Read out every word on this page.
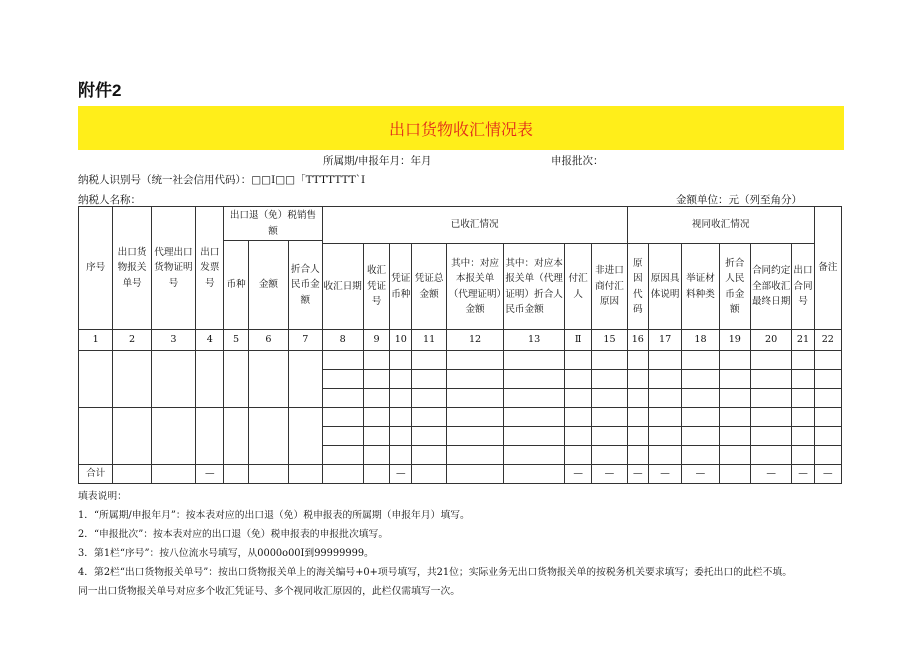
附件2
出口货物收汇情况表
所属期/申报年月：年月	申报批次：
纳税人识别号（统一社会信用代码）：□□I□□「TTTTTTT`I
纳税人名称：	金额单位：元（列至角分）
序号	出口货物报关单号	代理出口货物证明号	出口发票号	出口退（免）税销售额			已收汇情况								视同收汇情况						备注
				币种	金额	折合人民币金额															
							收汇日期	收汇凭证号	凭证币种	凭证总金额	其中：对应本报关单（代理证明）金额	其中：对应本报关单（代理证明）折合人民币金额	付汇人	非进口商付汇原因	原因代码	原因具体说明	举证材料种类	折合人民币金额	合同约定全部收汇最终日期	出口合同号	
1	2	3	4	5	6	7	8	9	10	11	12	13	Ⅱ	15	16	17	18	19	20	21	22

合计			—						—				—	—	—	—	—		—	—	—
填表说明：
1．“所属期/申报年月”：按本表对应的出口退（免）税申报表的所属期（申报年月）填写。
2．“申报批次”：按本表对应的出口退（免）税申报表的申报批次填写。
3．第1栏“序号”：按八位流水号填写，从0000o00I到99999999。
4．第2栏“出口货物报关单号”：按出口货物报关单上的海关编号+0+项号填写，共21位；实际业务无出口货物报关单的按税务机关要求填写；委托出口的此栏不填。
同一出口货物报关单号对应多个收汇凭证号、多个视同收汇原因的，此栏仅需填写一次。
